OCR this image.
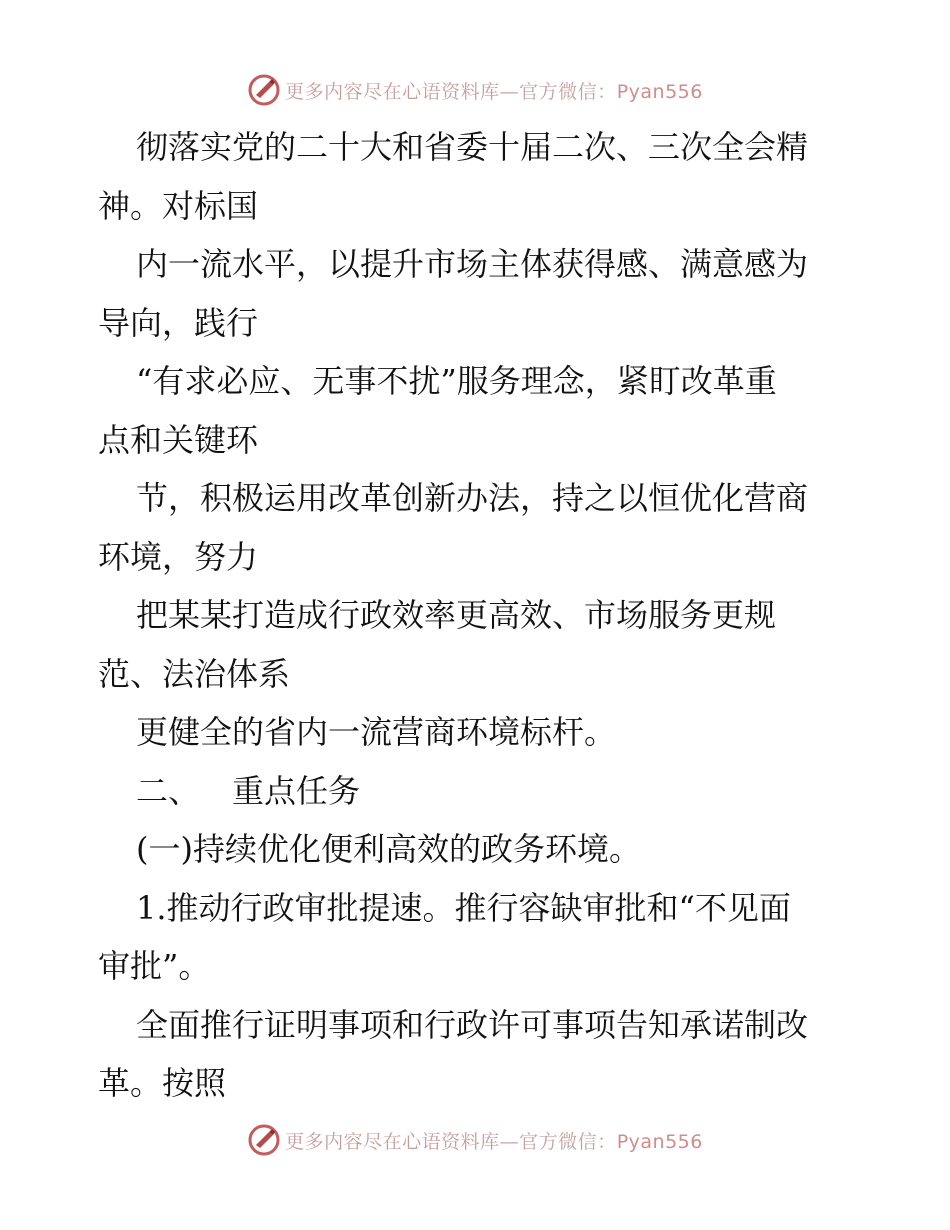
更多内容尽在心语资料库—官方微信：Pyan556
彻落实党的二十大和省委十届二次、三次全会精
神。对标国
内一流水平，以提升市场主体获得感、满意感为
导向，践行
“有求必应、无事不扰”服务理念，紧盯改革重
点和关键环
节，积极运用改革创新办法，持之以恒优化营商
环境，努力
把某某打造成行政效率更高效、市场服务更规
范、法治体系
更健全的省内一流营商环境标杆。
二、 重点任务
(一)持续优化便利高效的政务环境。
1.推动行政审批提速。推行容缺审批和“不见面
审批”。
全面推行证明事项和行政许可事项告知承诺制改
革。按照
更多内容尽在心语资料库—官方微信：Pyan556
